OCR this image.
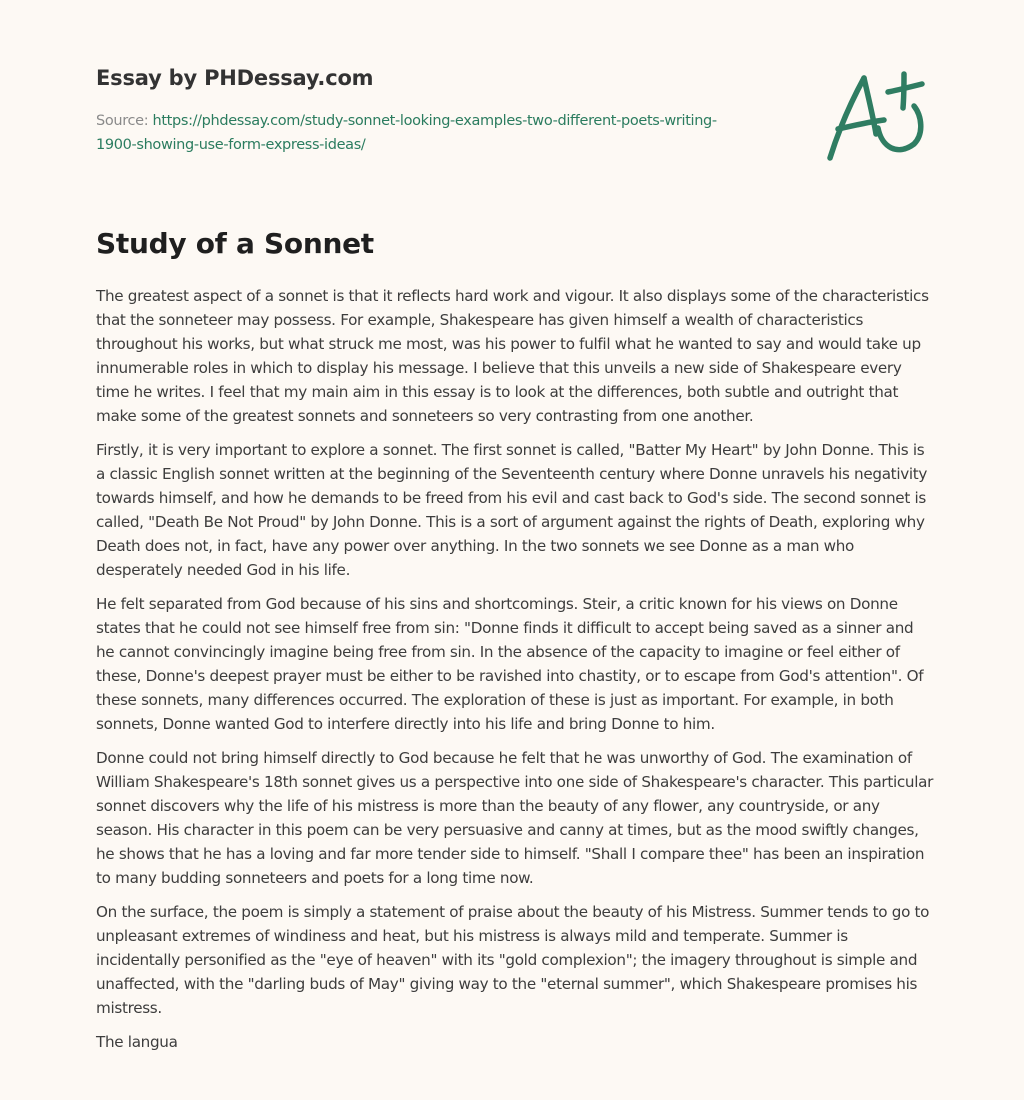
Essay by PHDessay.com
Source: https://phdessay.com/study-sonnet-looking-examples-two-different-poets-writing-1900-showing-use-form-express-ideas/
Study of a Sonnet

The greatest aspect of a sonnet is that it reflects hard work and vigour. It also displays some of the characteristics that the sonneteer may possess. For example, Shakespeare has given himself a wealth of characteristics throughout his works, but what struck me most, was his power to fulfil what he wanted to say and would take up innumerable roles in which to display his message. I believe that this unveils a new side of Shakespeare every time he writes. I feel that my main aim in this essay is to look at the differences, both subtle and outright that make some of the greatest sonnets and sonneteers so very contrasting from one another.

Firstly, it is very important to explore a sonnet. The first sonnet is called, "Batter My Heart" by John Donne. This is a classic English sonnet written at the beginning of the Seventeenth century where Donne unravels his negativity towards himself, and how he demands to be freed from his evil and cast back to God's side. The second sonnet is called, "Death Be Not Proud" by John Donne. This is a sort of argument against the rights of Death, exploring why Death does not, in fact, have any power over anything. In the two sonnets we see Donne as a man who desperately needed God in his life.

He felt separated from God because of his sins and shortcomings. Steir, a critic known for his views on Donne states that he could not see himself free from sin: "Donne finds it difficult to accept being saved as a sinner and he cannot convincingly imagine being free from sin. In the absence of the capacity to imagine or feel either of these, Donne's deepest prayer must be either to be ravished into chastity, or to escape from God's attention". Of these sonnets, many differences occurred. The exploration of these is just as important. For example, in both sonnets, Donne wanted God to interfere directly into his life and bring Donne to him.

Donne could not bring himself directly to God because he felt that he was unworthy of God. The examination of William Shakespeare's 18th sonnet gives us a perspective into one side of Shakespeare's character. This particular sonnet discovers why the life of his mistress is more than the beauty of any flower, any countryside, or any season. His character in this poem can be very persuasive and canny at times, but as the mood swiftly changes, he shows that he has a loving and far more tender side to himself. "Shall I compare thee" has been an inspiration to many budding sonneteers and poets for a long time now.

On the surface, the poem is simply a statement of praise about the beauty of his Mistress. Summer tends to go to unpleasant extremes of windiness and heat, but his mistress is always mild and temperate. Summer is incidentally personified as the "eye of heaven" with its "gold complexion"; the imagery throughout is simple and unaffected, with the "darling buds of May" giving way to the "eternal summer", which Shakespeare promises his mistress.

The langua
